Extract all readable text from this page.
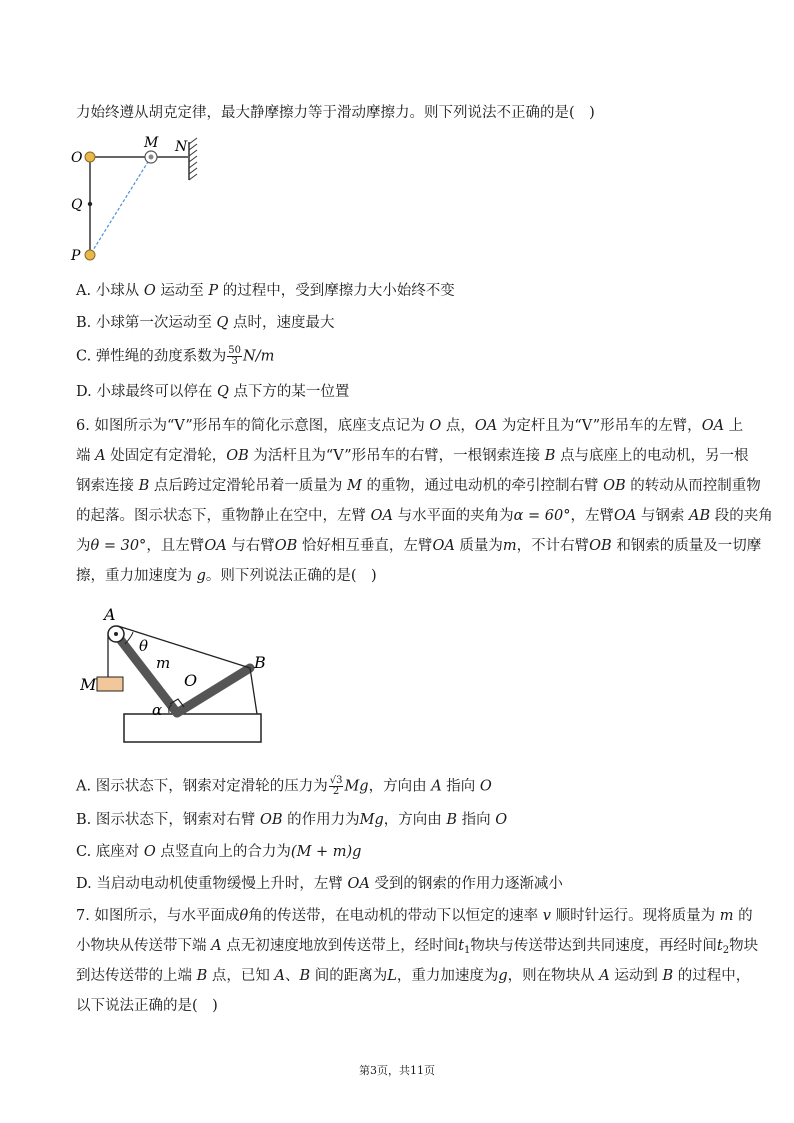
力始终遵从胡克定律，最大静摩擦力等于滑动摩擦力。则下列说法不正确的是(　)
O
M N
Q
P
A. 小球从 O 运动至 P 的过程中，受到摩擦力大小始终不变
B. 小球第一次运动至 Q 点时，速度最大
C. 弹性绳的劲度系数为 $\frac{50}{3} N/m$
D. 小球最终可以停在 Q 点下方的某一位置
6. 如图所示为“V”形吊车的简化示意图，底座支点记为 O 点，OA 为定杆且为“V”形吊车的左臂，OA 上
端 A 处固定有定滑轮，OB 为活杆且为“V”形吊车的右臂，一根钢索连接 B 点与底座上的电动机，另一根
钢索连接 B 点后跨过定滑轮吊着一质量为 M 的重物，通过电动机的牵引控制右臂 OB 的转动从而控制重物
的起落。图示状态下，重物静止在空中，左臂 OA 与水平面的夹角为α = 60°，左臂OA 与钢索 AB 段的夹角
为θ = 30°，且左臂OA 与右臂OB 恰好相互垂直，左臂OA 质量为m，不计右臂OB 和钢索的质量及一切摩
擦，重力加速度为 g。则下列说法正确的是(　)
A
θ
m	B
M	O
α
A. 图示状态下，钢索对定滑轮的压力为 $\frac{√3}{2}$ Mg，方向由 A 指向 O
B. 图示状态下，钢索对右臂 OB 的作用力为Mg，方向由 B 指向 O
C. 底座对 O 点竖直向上的合力为(M + m)g
D. 当启动电动机使重物缓慢上升时，左臂 OA 受到的钢索的作用力逐渐减小
7. 如图所示，与水平面成θ角的传送带，在电动机的带动下以恒定的速率 v 顺时针运行。现将质量为 m 的
小物块从传送带下端 A 点无初速度地放到传送带上，经时间$t_1$物块与传送带达到共同速度，再经时间$t_2$物块
到达传送带的上端 B 点，已知 A、B 间的距离为L，重力加速度为g，则在物块从 A 运动到 B 的过程中，
以下说法正确的是(　)
第3页，共11页
